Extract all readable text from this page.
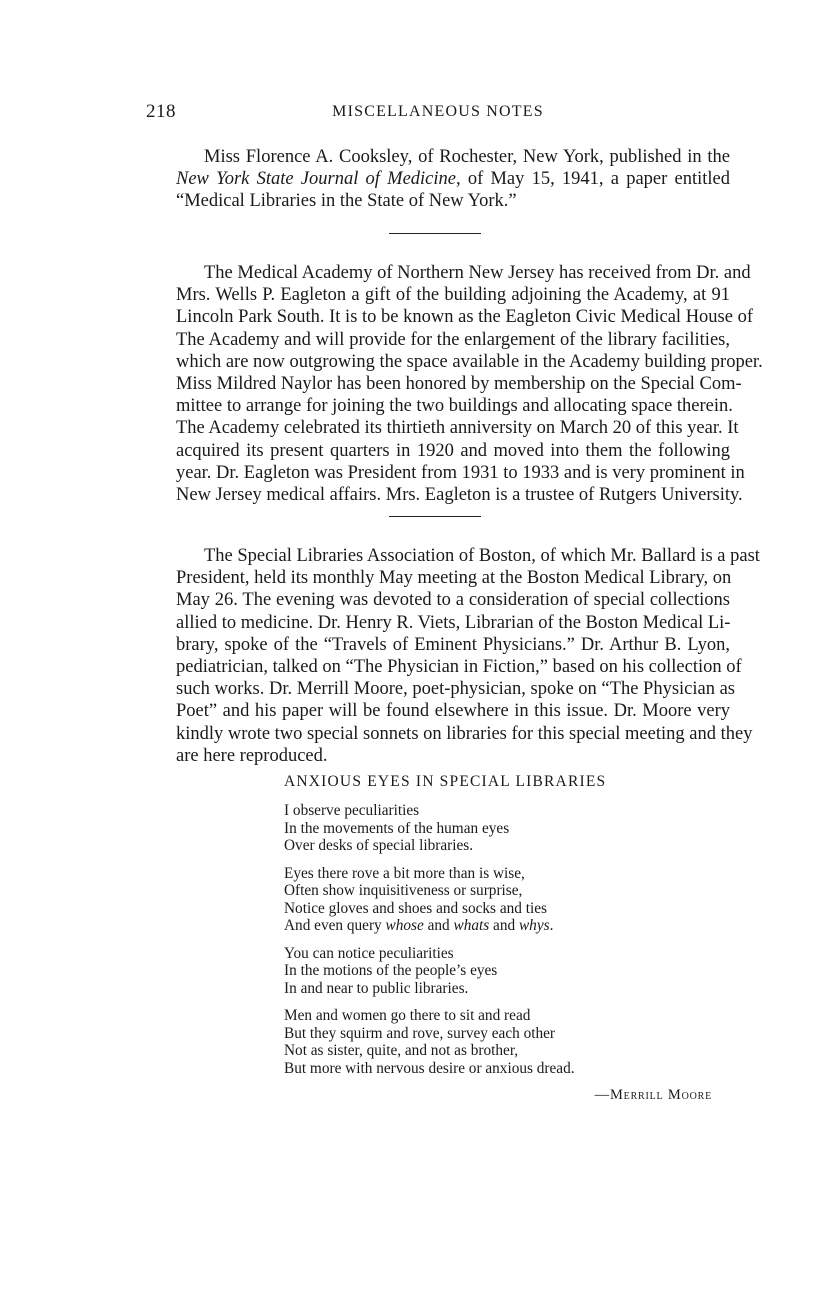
218	MISCELLANEOUS NOTES

Miss Florence A. Cooksley, of Rochester, New York, published in the
New York State Journal of Medicine, of May 15, 1941, a paper entitled
“Medical Libraries in the State of New York.”

The Medical Academy of Northern New Jersey has received from Dr. and
Mrs. Wells P. Eagleton a gift of the building adjoining the Academy, at 91
Lincoln Park South. It is to be known as the Eagleton Civic Medical House of
The Academy and will provide for the enlargement of the library facilities,
which are now outgrowing the space available in the Academy building proper.
Miss Mildred Naylor has been honored by membership on the Special Com-
mittee to arrange for joining the two buildings and allocating space therein.
The Academy celebrated its thirtieth anniversity on March 20 of this year. It
acquired its present quarters in 1920 and moved into them the following
year. Dr. Eagleton was President from 1931 to 1933 and is very prominent in
New Jersey medical affairs. Mrs. Eagleton is a trustee of Rutgers University.

The Special Libraries Association of Boston, of which Mr. Ballard is a past
President, held its monthly May meeting at the Boston Medical Library, on
May 26. The evening was devoted to a consideration of special collections
allied to medicine. Dr. Henry R. Viets, Librarian of the Boston Medical Li-
brary, spoke of the “Travels of Eminent Physicians.” Dr. Arthur B. Lyon,
pediatrician, talked on “The Physician in Fiction,” based on his collection of
such works. Dr. Merrill Moore, poet-physician, spoke on “The Physician as
Poet” and his paper will be found elsewhere in this issue. Dr. Moore very
kindly wrote two special sonnets on libraries for this special meeting and they
are here reproduced.

ANXIOUS EYES IN SPECIAL LIBRARIES
I observe peculiarities
In the movements of the human eyes
Over desks of special libraries.
Eyes there rove a bit more than is wise,
Often show inquisitiveness or surprise,
Notice gloves and shoes and socks and ties
And even query whose and whats and whys.
You can notice peculiarities
In the motions of the people’s eyes
In and near to public libraries.
Men and women go there to sit and read
But they squirm and rove, survey each other
Not as sister, quite, and not as brother,
But more with nervous desire or anxious dread.
—Merrill Moore
